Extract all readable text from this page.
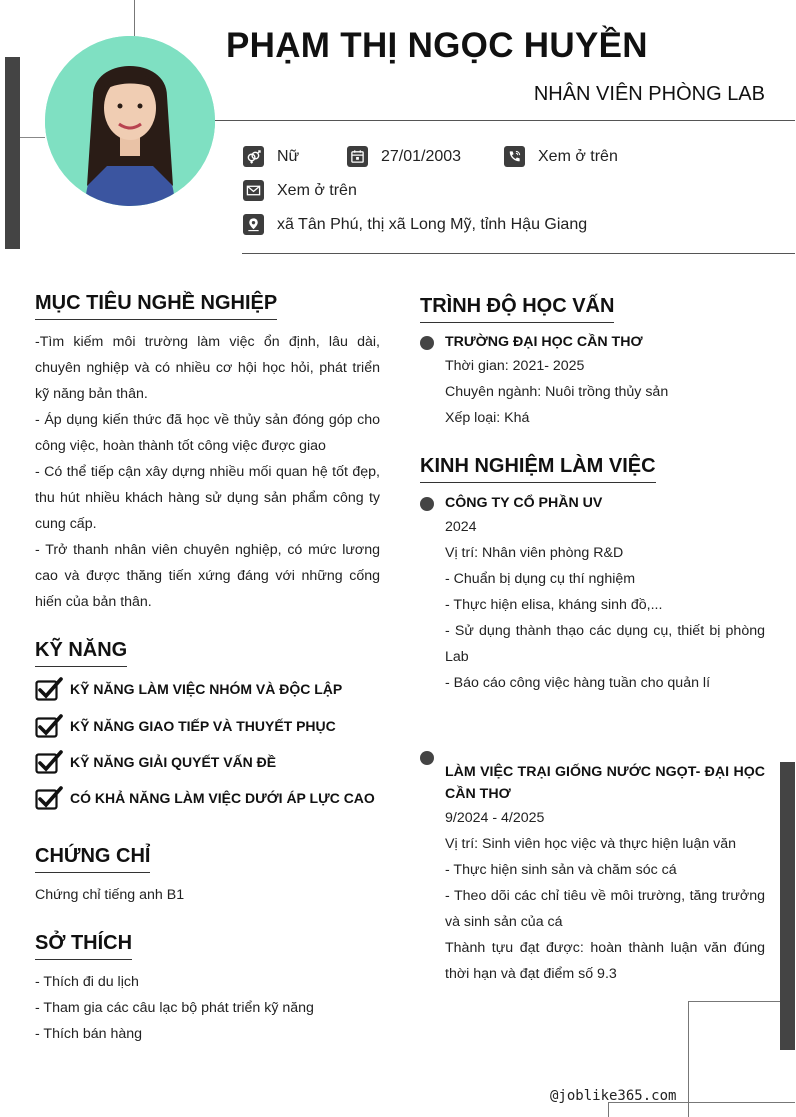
PHẠM THỊ NGỌC HUYỀN
NHÂN VIÊN PHÒNG LAB
Nữ	27/01/2003	Xem ở trên
Xem ở trên
xã Tân Phú, thị xã Long Mỹ, tỉnh Hậu Giang
MỤC TIÊU NGHỀ NGHIỆP

-Tìm kiếm môi trường làm việc ổn định, lâu dài, chuyên nghiệp và có nhiều cơ hội học hỏi, phát triển kỹ năng bản thân.

- Áp dụng kiến thức đã học về thủy sản đóng góp cho công việc, hoàn thành tốt công việc được giao

- Có thể tiếp cận xây dựng nhiều mối quan hệ tốt đẹp, thu hút nhiều khách hàng sử dụng sản phẩm công ty cung cấp.

- Trở thanh nhân viên chuyên nghiệp, có mức lương cao và được thăng tiến xứng đáng với những cống hiến của bản thân.

KỸ NĂNG
KỸ NĂNG LÀM VIỆC NHÓM VÀ ĐỘC LẬP
KỸ NĂNG GIAO TIẾP VÀ THUYẾT PHỤC
KỸ NĂNG GIẢI QUYẾT VẤN ĐỀ
CÓ KHẢ NĂNG LÀM VIỆC DƯỚI ÁP LỰC CAO
CHỨNG CHỈ

Chứng chỉ tiếng anh B1

SỞ THÍCH

- Thích đi du lịch

- Tham gia các câu lạc bộ phát triển kỹ năng

- Thích bán hàng

TRÌNH ĐỘ HỌC VẤN
TRƯỜNG ĐẠI HỌC CẦN THƠ

Thời gian: 2021- 2025

Chuyên ngành: Nuôi trồng thủy sản

Xếp loại: Khá

KINH NGHIỆM LÀM VIỆC
CÔNG TY CỔ PHẦN UV

2024

Vị trí: Nhân viên phòng R&D

- Chuẩn bị dụng cụ thí nghiệm

- Thực hiện elisa, kháng sinh đồ,...

- Sử dụng thành thạo các dụng cụ, thiết bị phòng Lab

- Báo cáo công việc hàng tuần cho quản lí

LÀM VIỆC TRẠI GIỐNG NƯỚC NGỌT- ĐẠI HỌC CẦN THƠ

9/2024 - 4/2025

Vị trí: Sinh viên học việc và thực hiện luận văn

- Thực hiện sinh sản và chăm sóc cá

- Theo dõi các chỉ tiêu về môi trường, tăng trưởng và sinh sản của cá

Thành tựu đạt được: hoàn thành luận văn đúng thời hạn và đạt điểm số 9.3

@joblike365.com
